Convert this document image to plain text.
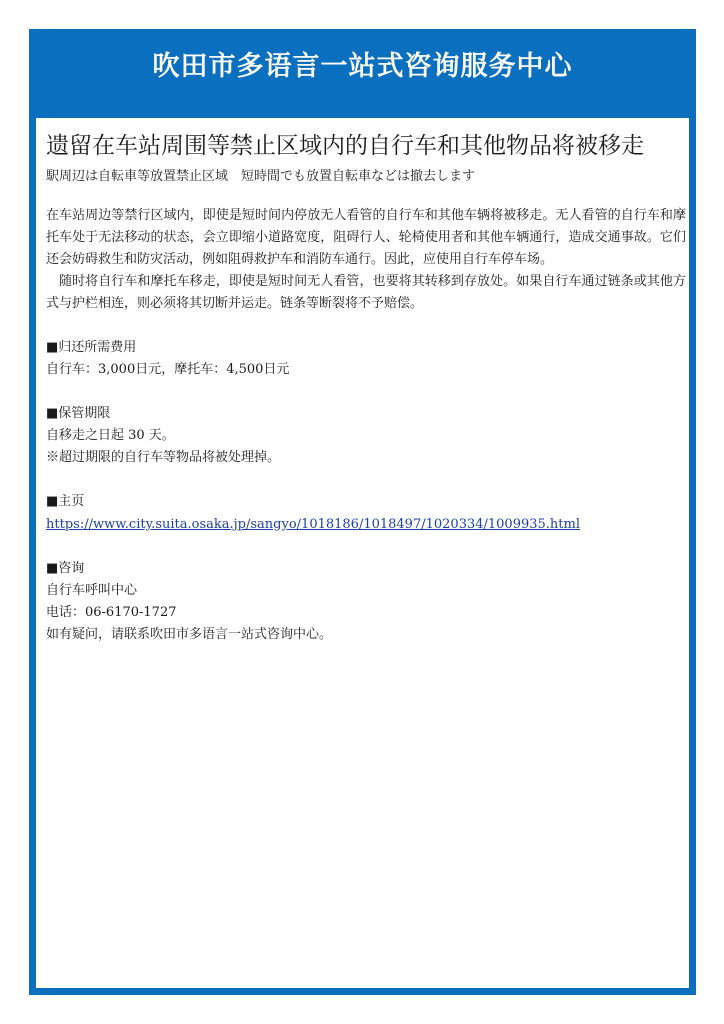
吹田市多语言一站式咨询服务中心
遗留在车站周围等禁止区域内的自行车和其他物品将被移走

駅周辺は自転車等放置禁止区域　短時間でも放置自転車などは撤去します

在车站周边等禁行区域内，即使是短时间内停放无人看管的自行车和其他车辆将被移走。无人看管的自行车和摩托车处于无法移动的状态，会立即缩小道路宽度，阻碍行人、轮椅使用者和其他车辆通行，造成交通事故。它们还会妨碍救生和防灾活动，例如阻碍救护车和消防车通行。因此，应使用自行车停车场。

随时将自行车和摩托车移走，即使是短时间无人看管，也要将其转移到存放处。如果自行车通过链条或其他方式与护栏相连，则必须将其切断并运走。链条等断裂将不予赔偿。

■归还所需费用

自行车：3,000日元，摩托车：4,500日元

■保管期限

自移走之日起 30 天。

※超过期限的自行车等物品将被处理掉。

■主页

https://www.city.suita.osaka.jp/sangyo/1018186/1018497/1020334/1009935.html

■咨询

自行车呼叫中心

电话：06-6170-1727

如有疑问，请联系吹田市多语言一站式咨询中心。
